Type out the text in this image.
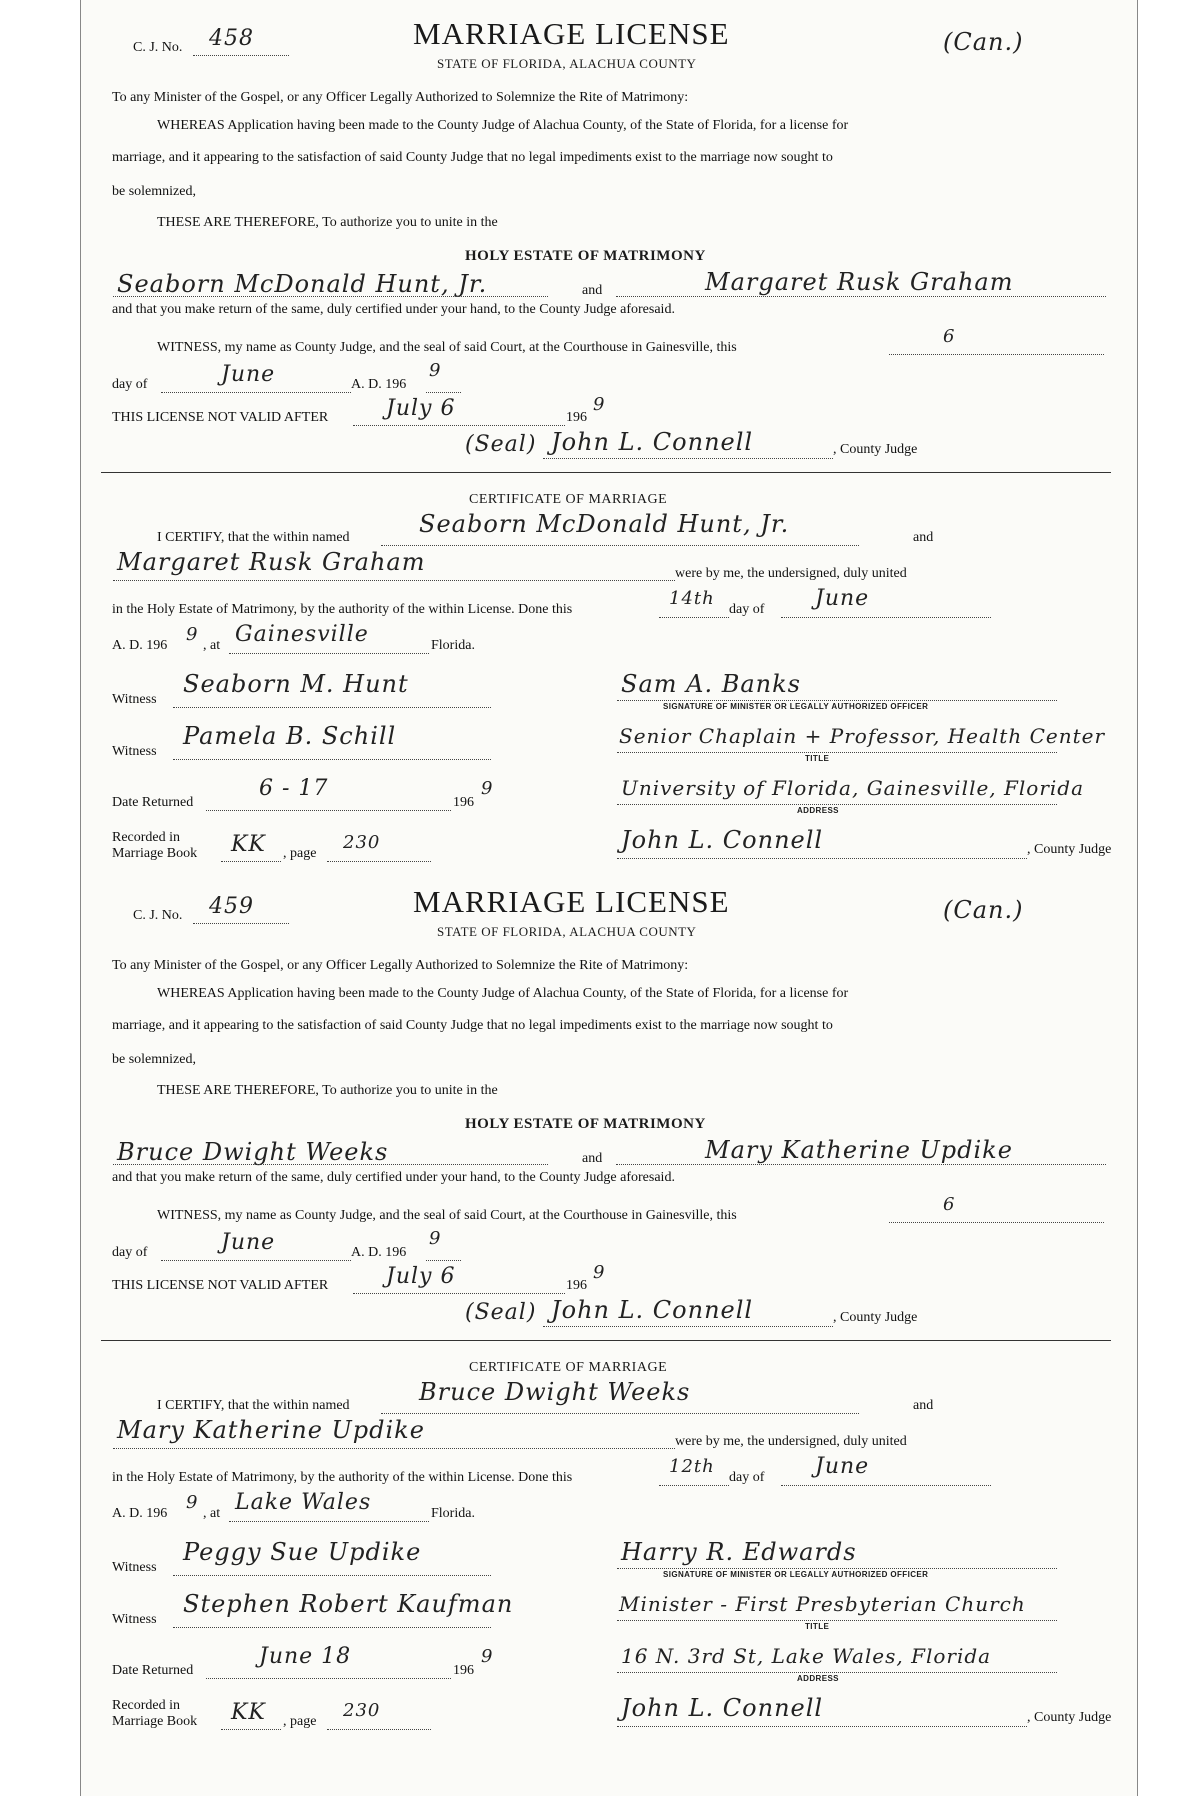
C. J. No. 458	MARRIAGE LICENSE
STATE OF FLORIDA, ALACHUA COUNTY
(Can.)
To any Minister of the Gospel, or any Officer Legally Authorized to Solemnize the Rite of Matrimony:
WHEREAS Application having been made to the County Judge of Alachua County, of the State of Florida, for a license for
marriage, and it appearing to the satisfaction of said County Judge that no legal impediments exist to the marriage now sought to
be solemnized,
THESE ARE THEREFORE, To authorize you to unite in the
HOLY ESTATE OF MATRIMONY
Seaborn McDonald Hunt, Jr.	and	Margaret Rusk Graham
and that you make return of the same, duly certified under your hand, to the County Judge aforesaid.
WITNESS, my name as County Judge, and the seal of said Court, at the Courthouse in Gainesville, this
6
day of	June	A. D. 196
9
THIS LICENSE NOT VALID AFTER	July 6	196
9
(Seal) John L. Connell	, County Judge
CERTIFICATE OF MARRIAGE
I CERTIFY, that the within named	Seaborn McDonald Hunt, Jr.	and
Margaret Rusk Graham	were by me, the undersigned, duly united
in the Holy Estate of Matrimony, by the authority of the within License. Done this
14th
day of June
A. D. 196
9
, at Gainesville	Florida.
Witness
Seaborn M. Hunt	Sam A. Banks
SIGNATURE OF MINISTER OR LEGALLY AUTHORIZED OFFICER
Witness
Pamela B. Schill	Senior Chaplain + Professor, Health Center
TITLE
Date Returned
6 - 17
196
9	University of Florida, Gainesville, Florida
ADDRESS
Recorded in
Marriage Book KK , page
230	John L. Connell	, County Judge
C. J. No. 459	MARRIAGE LICENSE
STATE OF FLORIDA, ALACHUA COUNTY
(Can.)
To any Minister of the Gospel, or any Officer Legally Authorized to Solemnize the Rite of Matrimony:
WHEREAS Application having been made to the County Judge of Alachua County, of the State of Florida, for a license for
marriage, and it appearing to the satisfaction of said County Judge that no legal impediments exist to the marriage now sought to
be solemnized,
THESE ARE THEREFORE, To authorize you to unite in the
HOLY ESTATE OF MATRIMONY
Bruce Dwight Weeks	and	Mary Katherine Updike
and that you make return of the same, duly certified under your hand, to the County Judge aforesaid.
WITNESS, my name as County Judge, and the seal of said Court, at the Courthouse in Gainesville, this
6
day of	June	A. D. 196
9
THIS LICENSE NOT VALID AFTER	July 6	196
9
(Seal) John L. Connell	, County Judge
CERTIFICATE OF MARRIAGE
I CERTIFY, that the within named	Bruce Dwight Weeks	and
Mary Katherine Updike	were by me, the undersigned, duly united
in the Holy Estate of Matrimony, by the authority of the within License. Done this
12th
day of June
A. D. 196
9
, at Lake Wales	Florida.
Witness
Peggy Sue Updike	Harry R. Edwards
SIGNATURE OF MINISTER OR LEGALLY AUTHORIZED OFFICER
Witness
Stephen Robert Kaufman	Minister - First Presbyterian Church
TITLE
Date Returned
June 18
196
9	16 N. 3rd St, Lake Wales, Florida
ADDRESS
Recorded in
Marriage Book KK , page
230	John L. Connell	, County Judge
